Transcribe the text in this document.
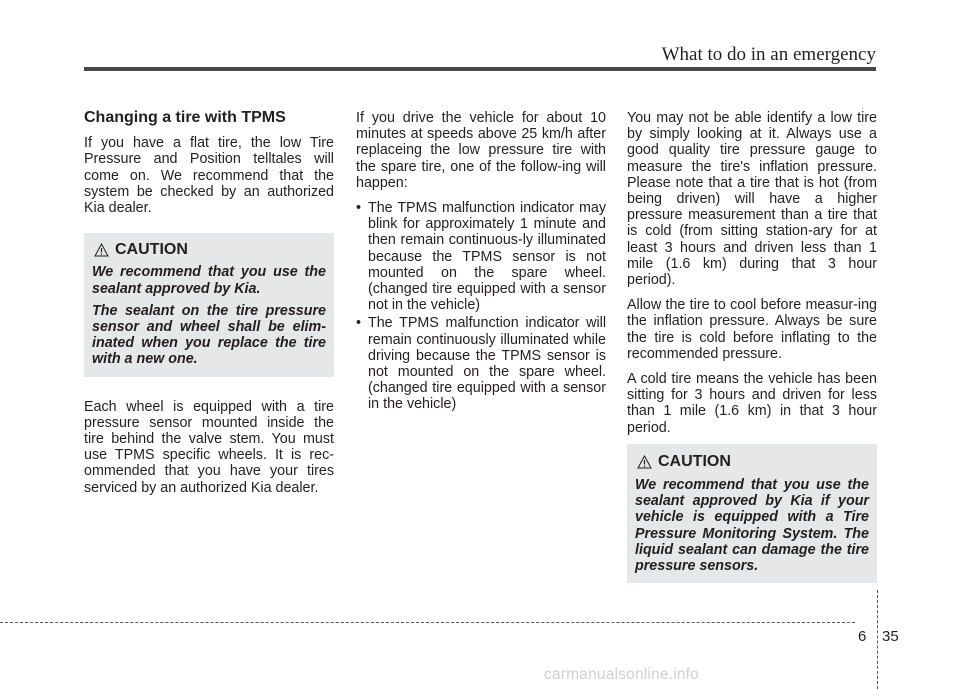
What to do in an emergency
Changing a tire with TPMS

If you have a flat tire, the low Tire Pressure and Position telltales will come on. We recommend that the system be checked by an authorized Kia dealer.

CAUTION

We recommend that you use the sealant approved by Kia.

The sealant on the tire pressure sensor and wheel shall be elim-inated when you replace the tire with a new one.

Each wheel is equipped with a tire pressure sensor mounted inside the tire behind the valve stem. You must use TPMS specific wheels. It is rec-ommended that you have your tires serviced by an authorized Kia dealer.

If you drive the vehicle for about 10 minutes at speeds above 25 km/h after replaceing the low pressure tire with the spare tire, one of the follow-ing will happen:

• The TPMS malfunction indicator may blink for approximately 1 minute and then remain continuous-ly illuminated because the TPMS sensor is not mounted on the spare wheel. (changed tire equipped with a sensor not in the vehicle)
• The TPMS malfunction indicator will remain continuously illuminated while driving because the TPMS sensor is not mounted on the spare wheel. (changed tire equipped with a sensor in the vehicle)

You may not be able identify a low tire by simply looking at it. Always use a good quality tire pressure gauge to measure the tire's inflation pressure. Please note that a tire that is hot (from being driven) will have a higher pressure measurement than a tire that is cold (from sitting station-ary for at least 3 hours and driven less than 1 mile (1.6 km) during that 3 hour period).

Allow the tire to cool before measur-ing the inflation pressure. Always be sure the tire is cold before inflating to the recommended pressure.

A cold tire means the vehicle has been sitting for 3 hours and driven for less than 1 mile (1.6 km) in that 3 hour period.

CAUTION

We recommend that you use the sealant approved by Kia if your vehicle is equipped with a Tire Pressure Monitoring System. The liquid sealant can damage the tire pressure sensors.

6 35
carmanualsonline.info
